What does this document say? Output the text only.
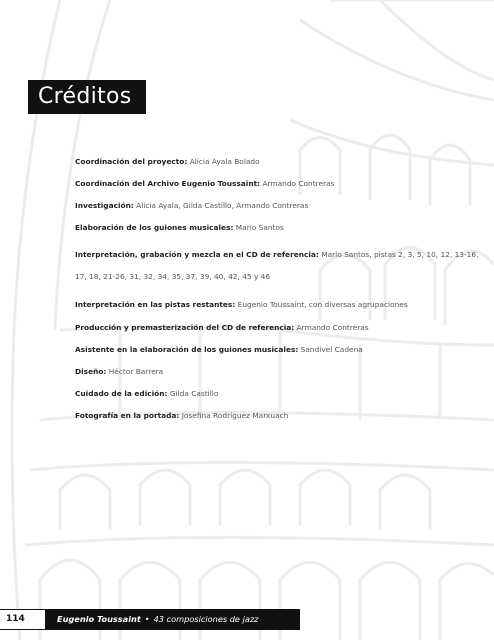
Créditos

Coordinación del proyecto: Alicia Ayala Bolado

Coordinación del Archivo Eugenio Toussaint: Armando Contreras

Investigación: Alicia Ayala, Gilda Castillo, Armando Contreras

Elaboración de los guiones musicales: Mario Santos

Interpretación, grabación y mezcla en el CD de referencia: Mario Santos, pistas 2, 3, 5, 10, 12, 13-16, 17, 18, 21-26, 31, 32, 34, 35, 37, 39, 40, 42, 45 y 46

Interpretación en las pistas restantes: Eugenio Toussaint, con diversas agrupaciones

Producción y premasterización del CD de referencia: Armando Contreras

Asistente en la elaboración de los guiones musicales: Sandivel Cadena

Diseño: Héctor Barrera

Cuidado de la edición: Gilda Castillo

Fotografía en la portada: Josefina Rodríguez Marxuach

114	Eugenio Toussaint • 43 composiciones de jazz
